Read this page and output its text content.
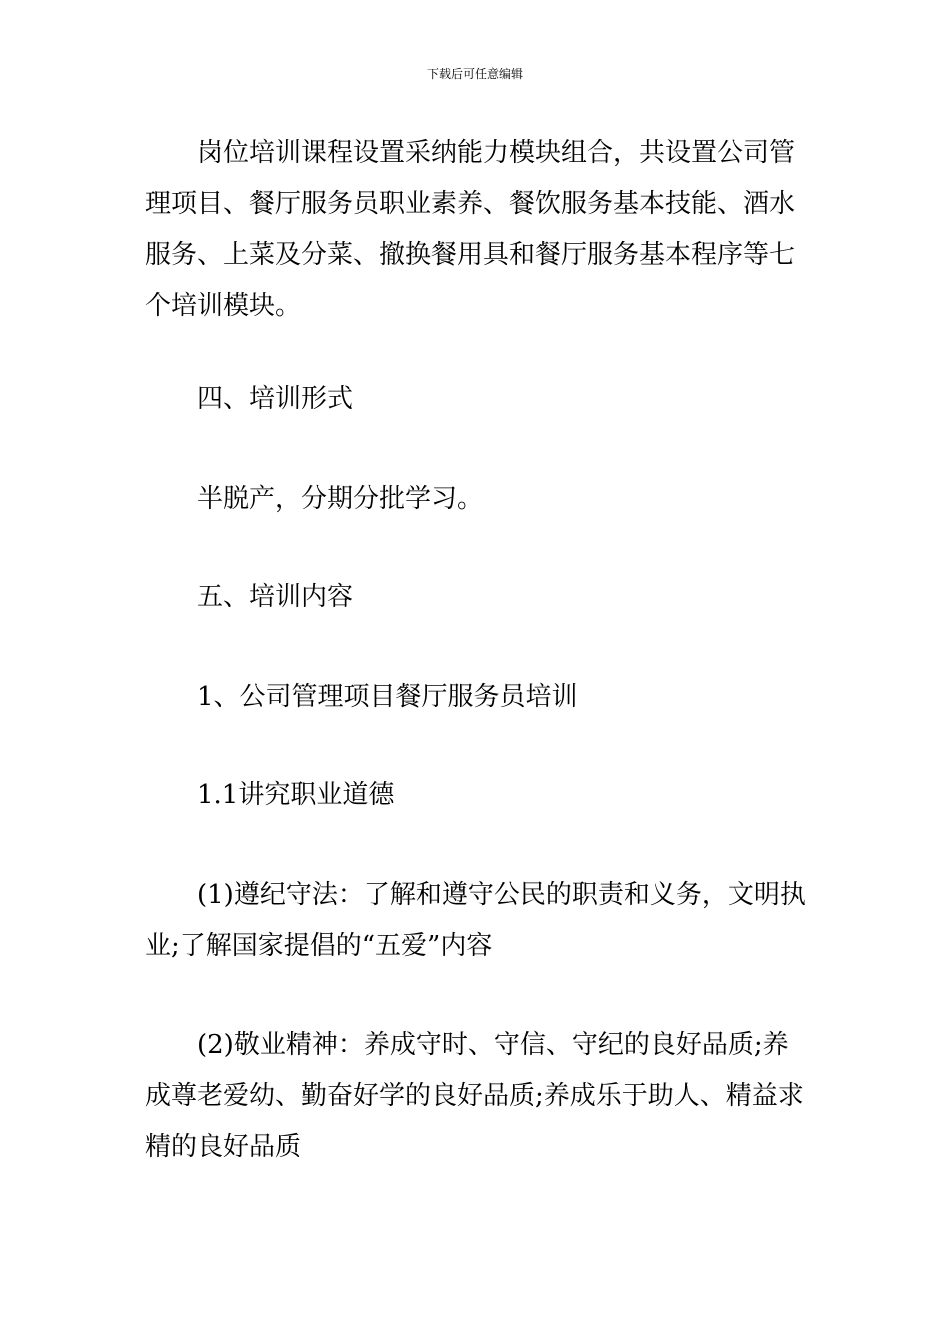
下载后可任意编辑

岗位培训课程设置采纳能力模块组合，共设置公司管理项目、餐厅服务员职业素养、餐饮服务基本技能、酒水服务、上菜及分菜、撤换餐用具和餐厅服务基本程序等七个培训模块。

四、培训形式

半脱产，分期分批学习。

五、培训内容

1、公司管理项目餐厅服务员培训

1.1讲究职业道德

(1)遵纪守法：了解和遵守公民的职责和义务，文明执业;了解国家提倡的“五爱”内容

(2)敬业精神：养成守时、守信、守纪的良好品质;养成尊老爱幼、勤奋好学的良好品质;养成乐于助人、精益求精的良好品质
